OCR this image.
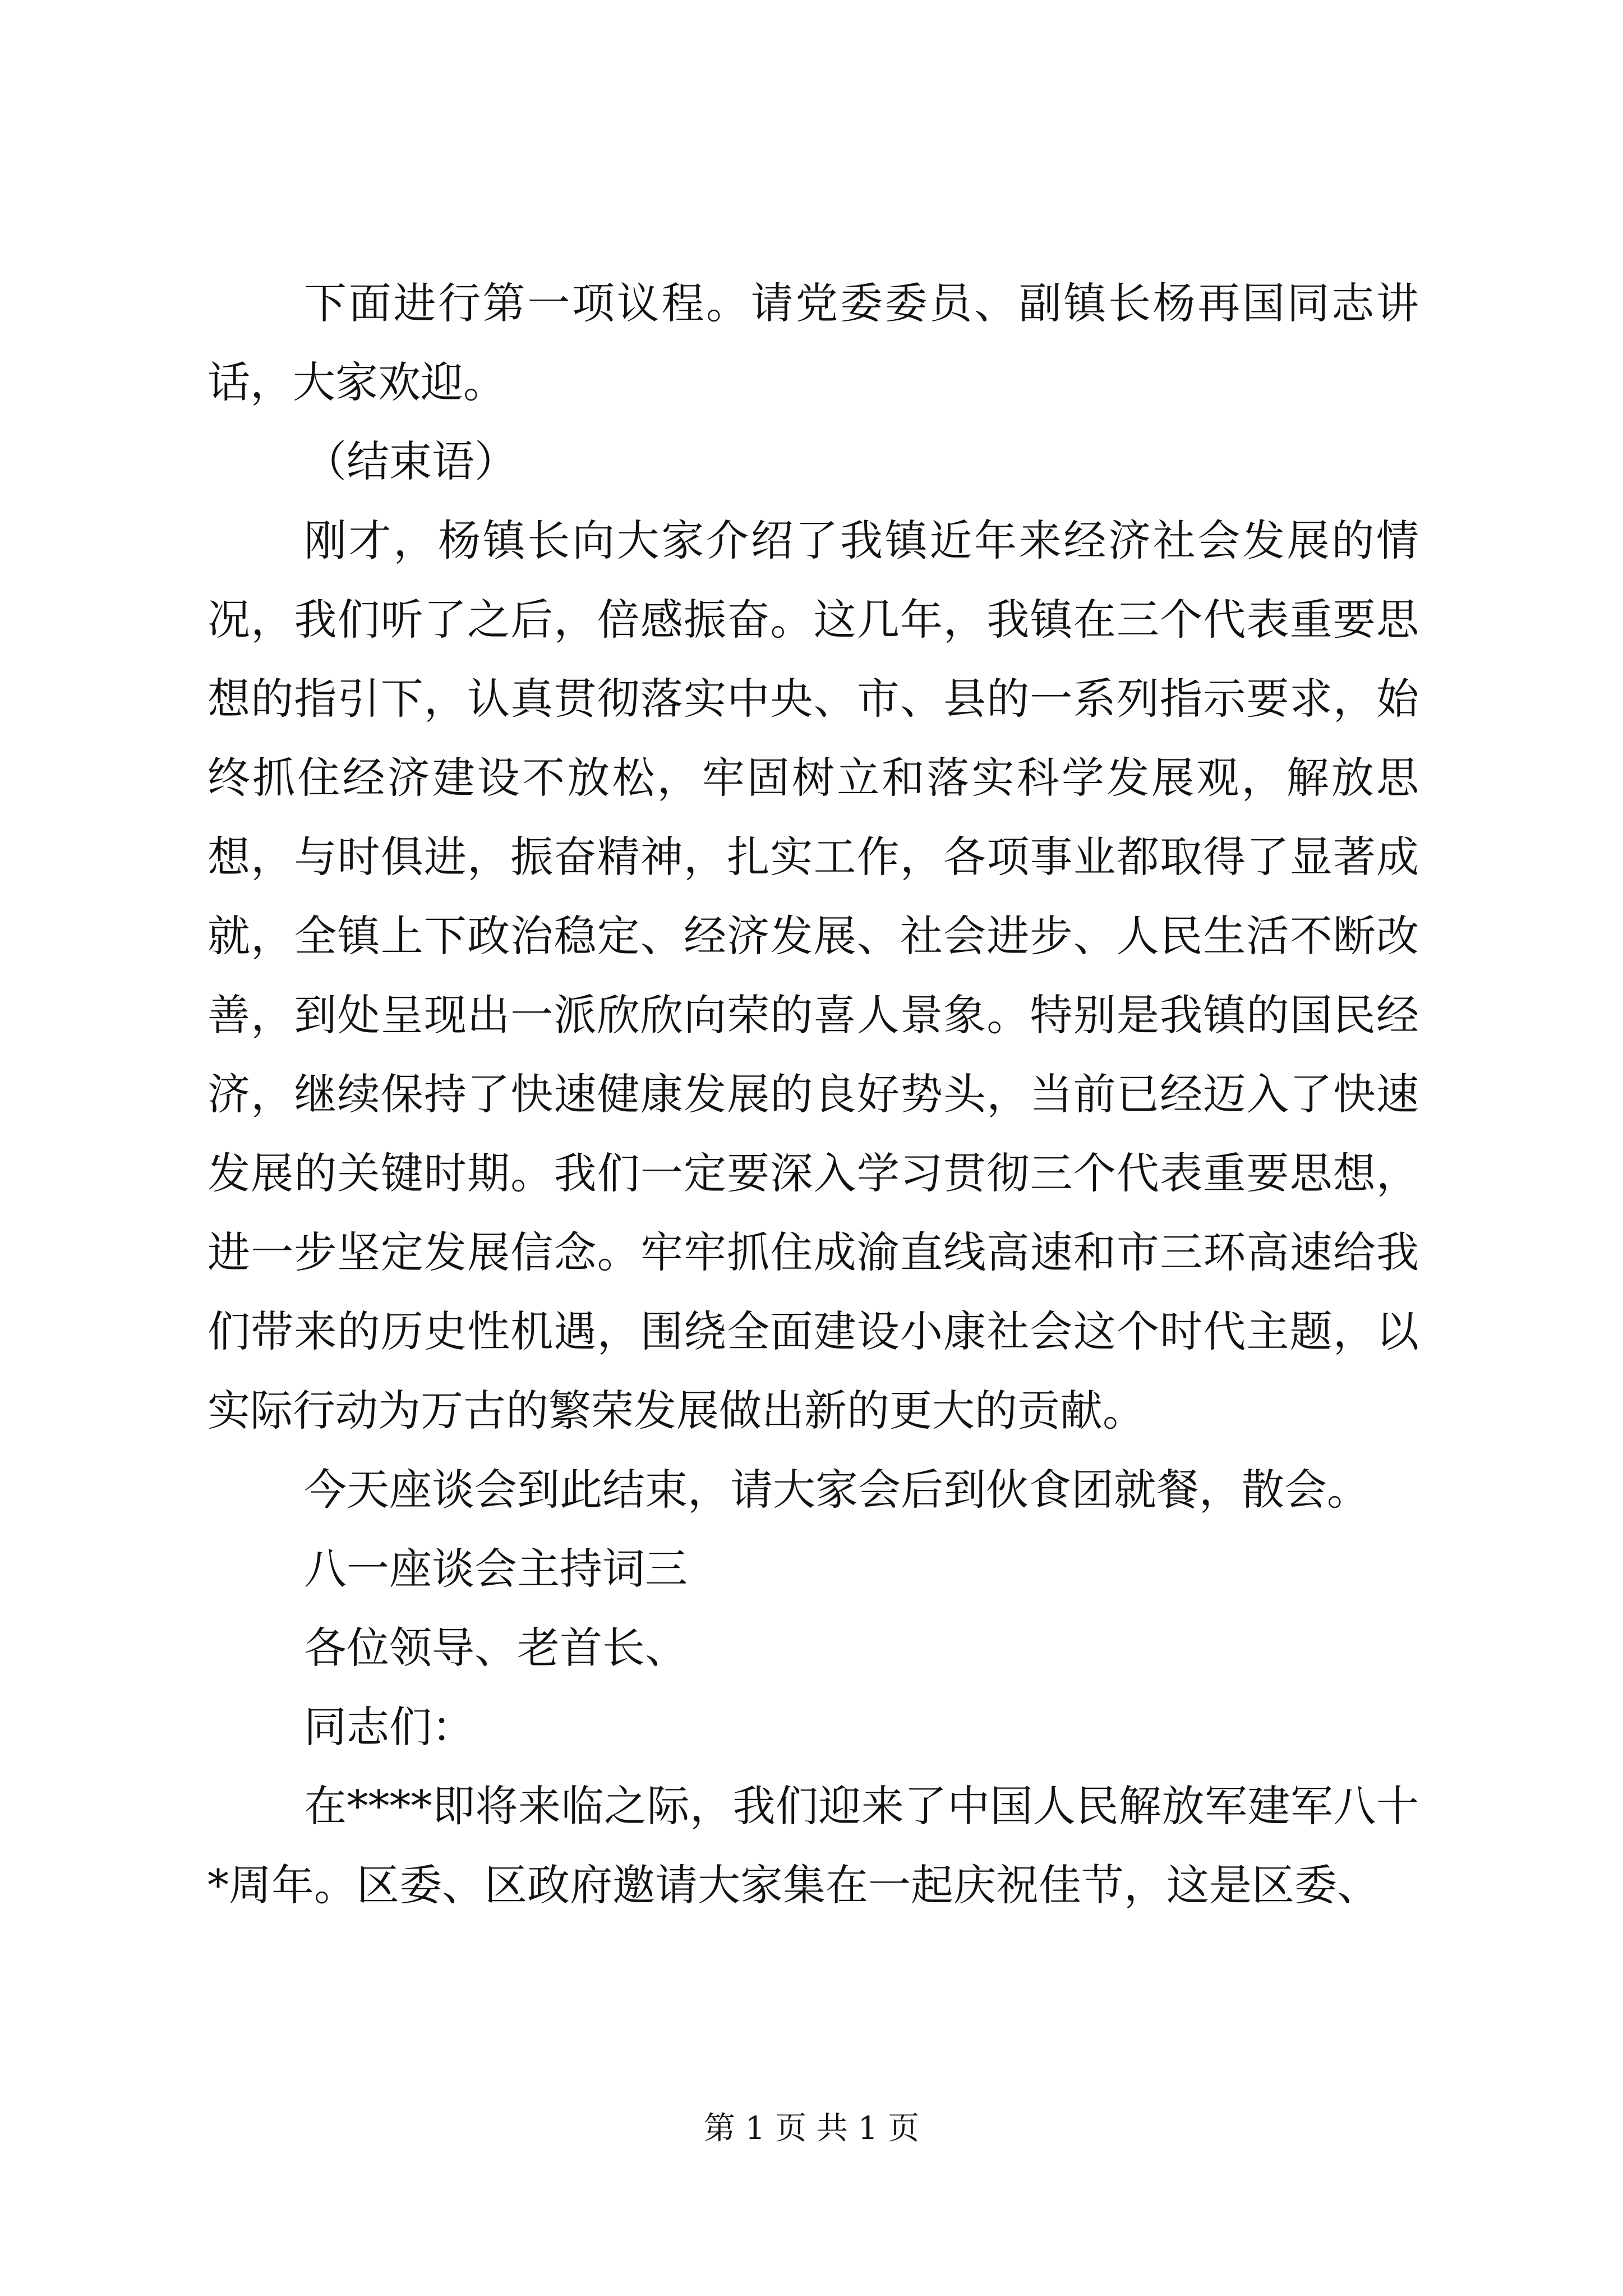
下面进行第一项议程。请党委委员、副镇长杨再国同志讲话，大家欢迎。

（结束语）

刚才，杨镇长向大家介绍了我镇近年来经济社会发展的情况，我们听了之后，倍感振奋。这几年，我镇在三个代表重要思想的指引下，认真贯彻落实中央、市、县的一系列指示要求，始终抓住经济建设不放松，牢固树立和落实科学发展观，解放思想，与时俱进，振奋精神，扎实工作，各项事业都取得了显著成就，全镇上下政治稳定、经济发展、社会进步、人民生活不断改善，到处呈现出一派欣欣向荣的喜人景象。特别是我镇的国民经济，继续保持了快速健康发展的良好势头，当前已经迈入了快速发展的关键时期。我们一定要深入学习贯彻三个代表重要思想，进一步坚定发展信念。牢牢抓住成渝直线高速和市三环高速给我们带来的历史性机遇，围绕全面建设小康社会这个时代主题，以实际行动为万古的繁荣发展做出新的更大的贡献。

今天座谈会到此结束，请大家会后到伙食团就餐，散会。

八一座谈会主持词三

各位领导、老首长、

同志们：

在****即将来临之际，我们迎来了中国人民解放军建军八十*周年。区委、区政府邀请大家集在一起庆祝佳节，这是区委、

第 1 页 共 1 页
